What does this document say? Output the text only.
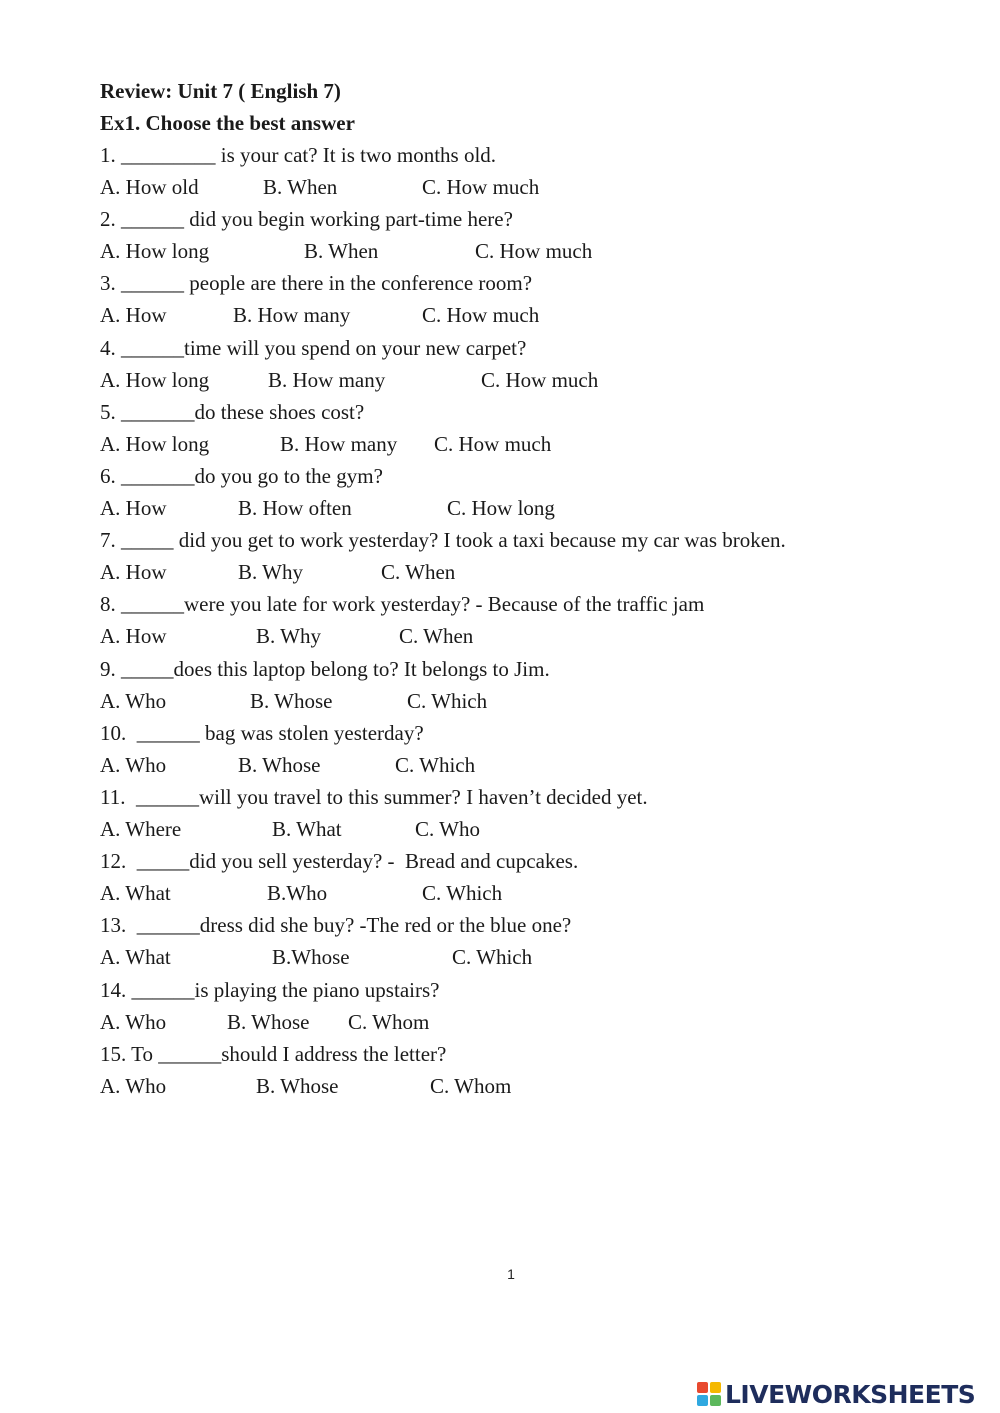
Review: Unit 7 ( English 7)
Ex1. Choose the best answer
1. _________ is your cat? It is two months old.
A. How old	B. When	C. How much
2. ______ did you begin working part-time here?
A. How long	B. When	C. How much
3. ______ people are there in the conference room?
A. How	B. How many	C. How much
4. ______time will you spend on your new carpet?
A. How long	B. How many	C. How much
5. _______do these shoes cost?
A. How long	B. How many C. How much
6. _______do you go to the gym?
A. How	B. How often	C. How long
7. _____ did you get to work yesterday? I took a taxi because my car was broken.
A. How	B. Why	C. When
8. ______were you late for work yesterday? - Because of the traffic jam
A. How	B. Why	C. When
9. _____does this laptop belong to? It belongs to Jim.
A. Who	B. Whose	C. Which
10.  ______ bag was stolen yesterday?
A. Who	B. Whose	C. Which
11.  ______will you travel to this summer? I haven’t decided yet.
A. Where	B. What	C. Who
12.  _____did you sell yesterday? -  Bread and cupcakes.
A. What	B.Who	C. Which
13.  ______dress did she buy? -The red or the blue one?
A. What	B.Whose	C. Which
14. ______is playing the piano upstairs?
A. Who	B. Whose C. Whom
15. To ______should I address the letter?
A. Who	B. Whose	C. Whom
1
LIVEWORKSHEETS
